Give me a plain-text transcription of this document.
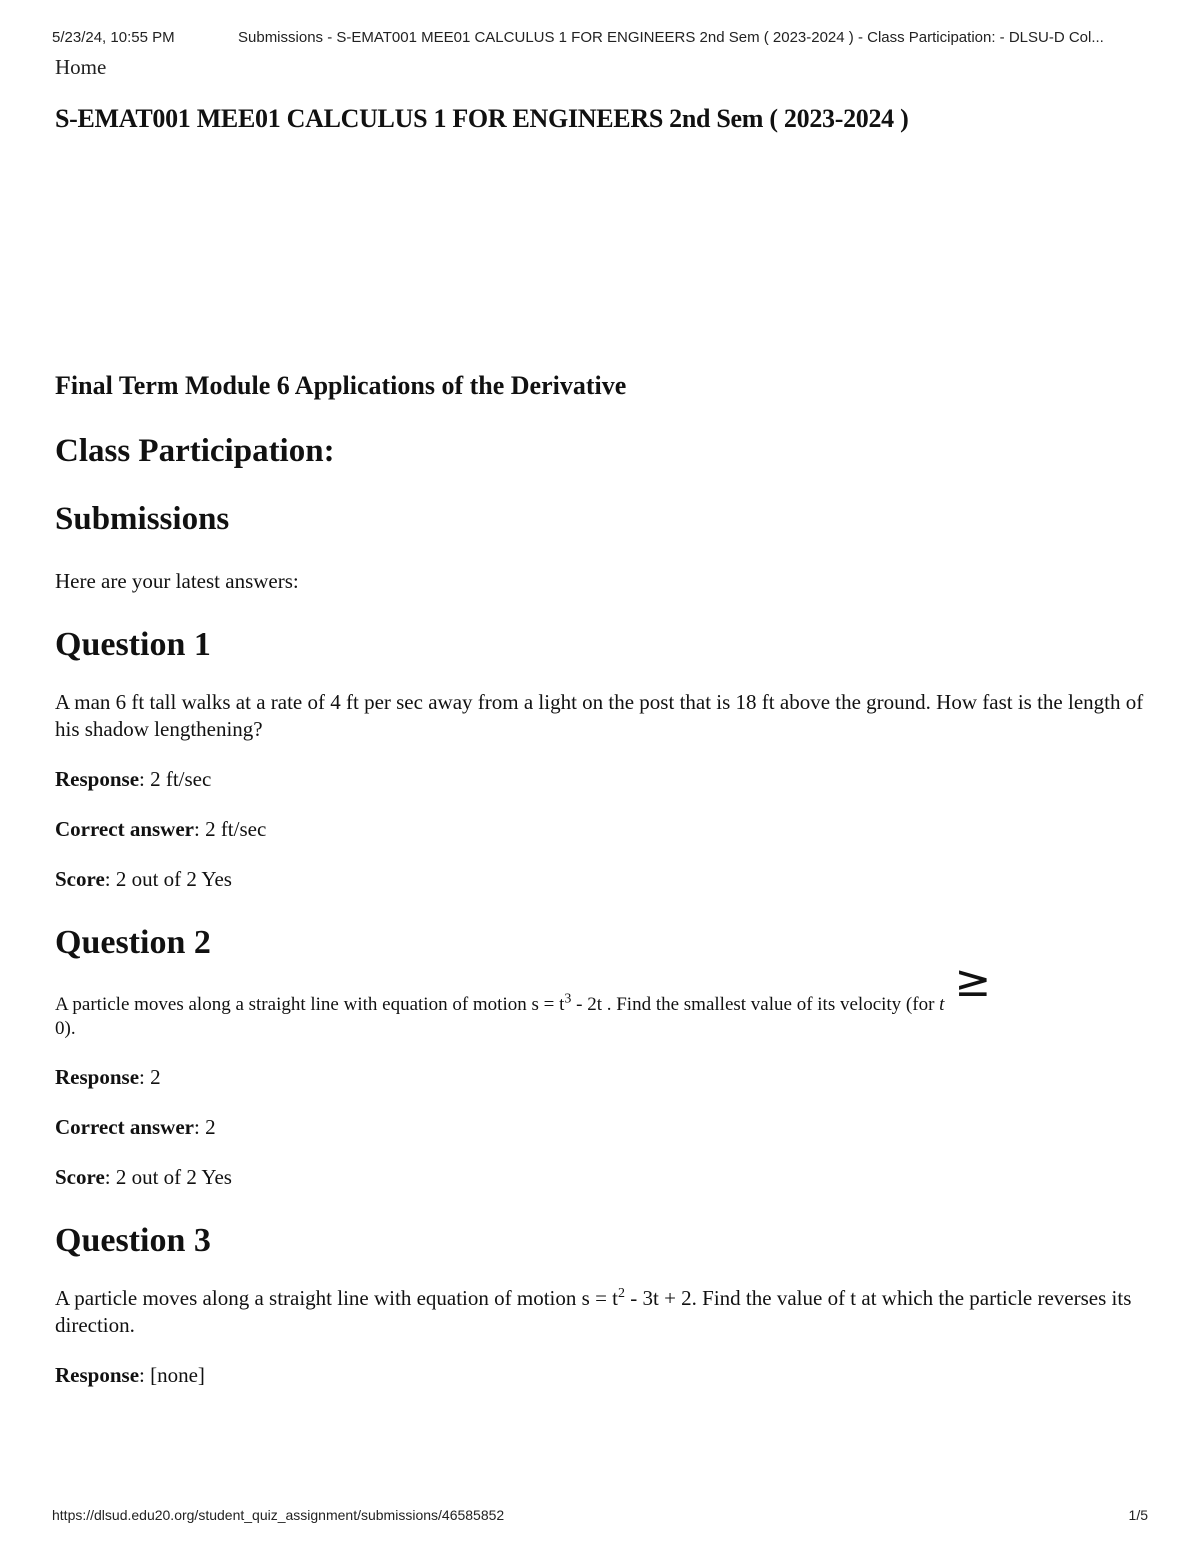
5/23/24, 10:55 PM	Submissions - S-EMAT001 MEE01 CALCULUS 1 FOR ENGINEERS 2nd Sem ( 2023-2024 ) - Class Participation: - DLSU-D Col...
Home
S-EMAT001 MEE01 CALCULUS 1 FOR ENGINEERS 2nd Sem ( 2023-2024 )
Final Term Module 6 Applications of the Derivative
Class Participation:
Submissions

Here are your latest answers:

Question 1

A man 6 ft tall walks at a rate of 4 ft per sec away from a light on the post that is 18 ft above the ground. How fast is the length of his shadow lengthening?

Response: 2 ft/sec

Correct answer: 2 ft/sec

Score: 2 out of 2 Yes

Question 2

A particle moves along a straight line with equation of motion $s = t^3 - 2t$ . Find the smallest value of its velocity (for t ≥
0).

Response: 2

Correct answer: 2

Score: 2 out of 2 Yes

Question 3

A particle moves along a straight line with equation of motion $s = t^2 - 3t + 2$. Find the value of t at which the particle reverses its direction.

Response: [none]

https://dlsud.edu20.org/student_quiz_assignment/submissions/46585852	1/5
